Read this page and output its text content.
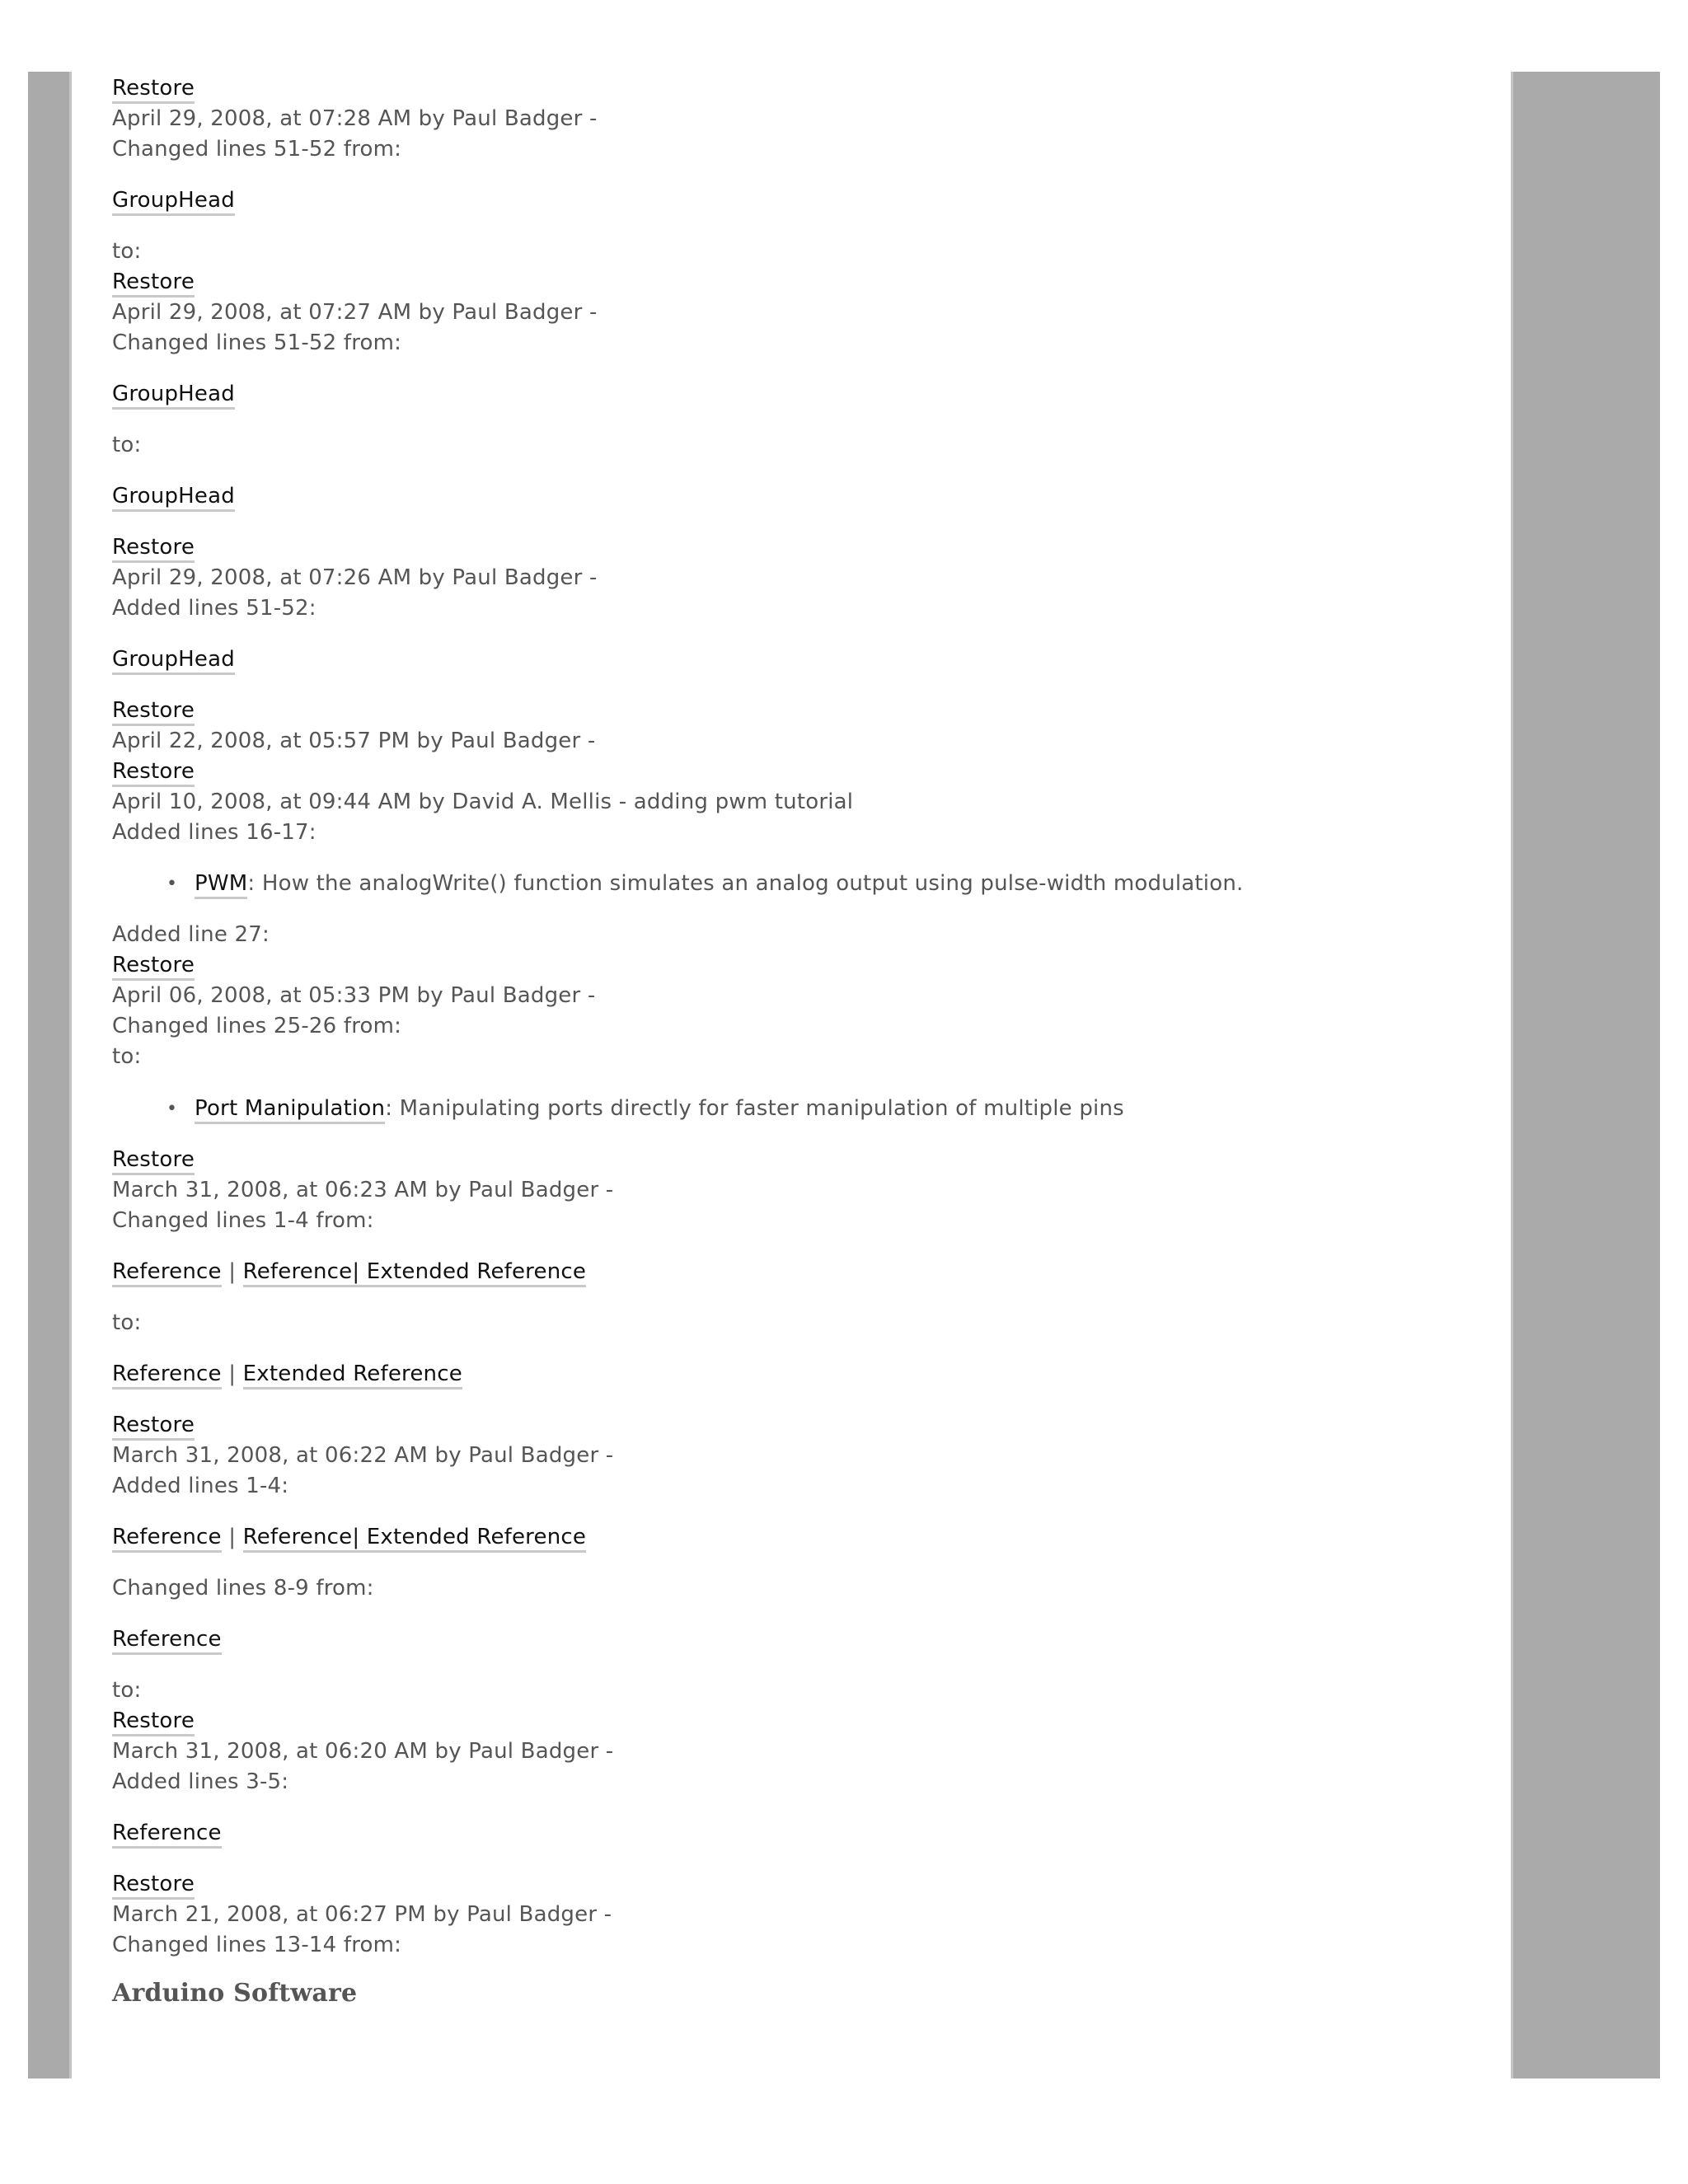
Restore
April 29, 2008, at 07:28 AM by Paul Badger -
Changed lines 51-52 from:
GroupHead
to:
Restore
April 29, 2008, at 07:27 AM by Paul Badger -
Changed lines 51-52 from:
GroupHead
to:
GroupHead
Restore
April 29, 2008, at 07:26 AM by Paul Badger -
Added lines 51-52:
GroupHead
Restore
April 22, 2008, at 05:57 PM by Paul Badger -
Restore
April 10, 2008, at 09:44 AM by David A. Mellis - adding pwm tutorial
Added lines 16-17:
• PWM: How the analogWrite() function simulates an analog output using pulse-width modulation.
Added line 27:
Restore
April 06, 2008, at 05:33 PM by Paul Badger -
Changed lines 25-26 from:
to:
• Port Manipulation: Manipulating ports directly for faster manipulation of multiple pins
Restore
March 31, 2008, at 06:23 AM by Paul Badger -
Changed lines 1-4 from:
Reference | Reference| Extended Reference
to:
Reference | Extended Reference
Restore
March 31, 2008, at 06:22 AM by Paul Badger -
Added lines 1-4:
Reference | Reference| Extended Reference
Changed lines 8-9 from:
Reference
to:
Restore
March 31, 2008, at 06:20 AM by Paul Badger -
Added lines 3-5:
Reference
Restore
March 21, 2008, at 06:27 PM by Paul Badger -
Changed lines 13-14 from:
Arduino Software
